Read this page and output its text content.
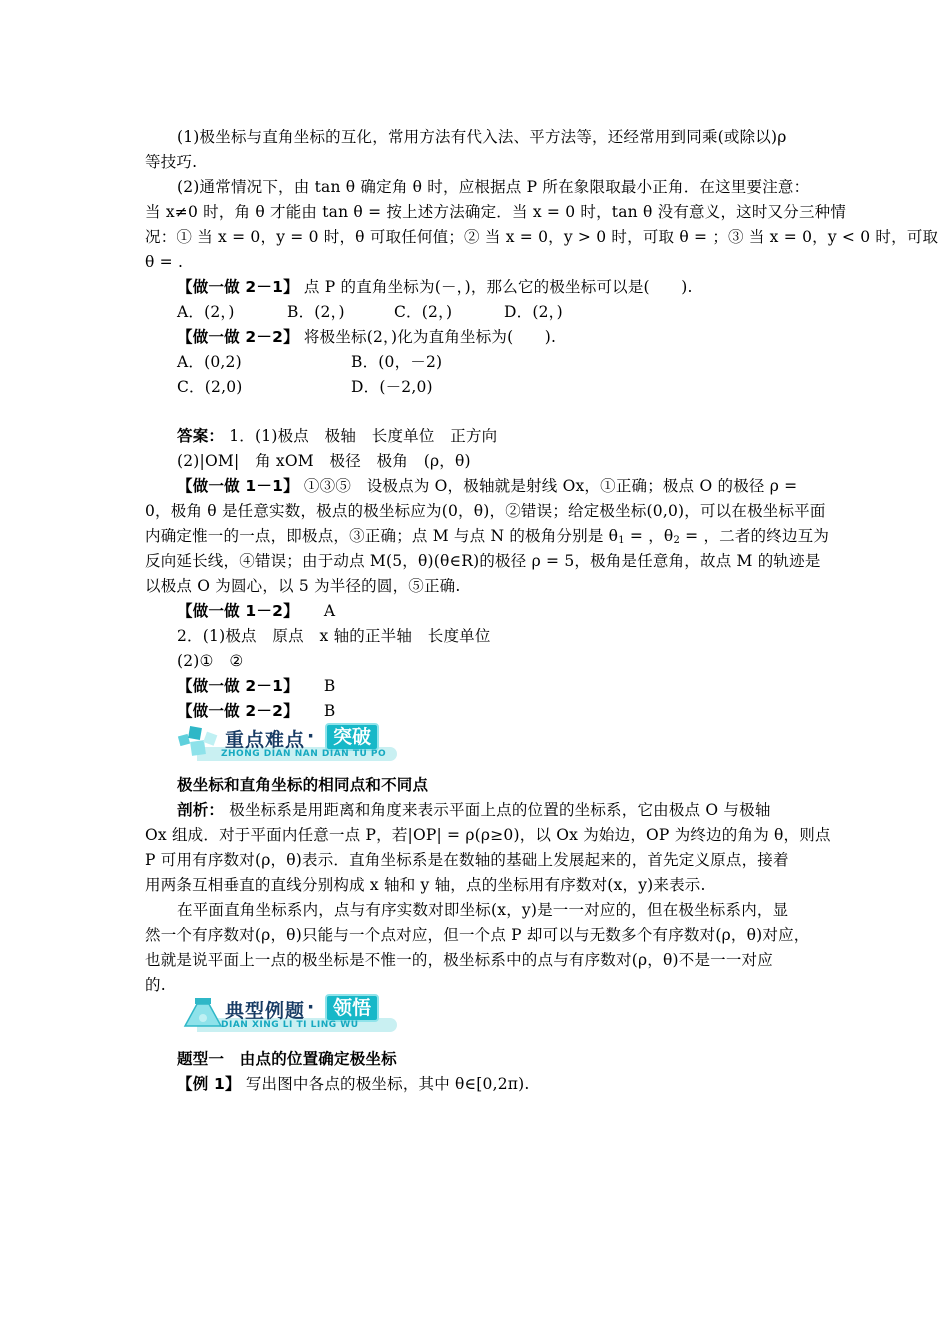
(1)极坐标与直角坐标的互化，常用方法有代入法、平方法等，还经常用到同乘(或除以)ρ
等技巧.
(2)通常情况下，由 tan θ 确定角 θ 时，应根据点 P 所在象限取最小正角．在这里要注意：
当 x≠0 时，角 θ 才能由 tan θ = 按上述方法确定．当 x = 0 时，tan θ 没有意义，这时又分三种情
况：① 当 x = 0，y = 0 时，θ 可取任何值；② 当 x = 0，y > 0 时，可取 θ = ；③ 当 x = 0，y < 0 时，可取
θ = .
【做一做 2－1】 点 P 的直角坐标为(－，)，那么它的极坐标可以是(　　).
A．(2，)	B．(2，)	C．(2，)	D．(2，)
【做一做 2－2】 将极坐标(2，)化为直角坐标为(　　).
A．(0,2)	B．(0，－2)
C．(2,0)	D．(－2,0)
答案： 1．(1)极点　极轴　长度单位　正方向
(2)|OM|　角 xOM　极径　极角　(ρ，θ)
【做一做 1－1】 ①③⑤　设极点为 O，极轴就是射线 Ox，①正确；极点 O 的极径 ρ =
0，极角 θ 是任意实数，极点的极坐标应为(0，θ)，②错误；给定极坐标(0,0)，可以在极坐标平面
内确定惟一的一点，即极点，③正确；点 M 与点 N 的极角分别是 $\theta_1$ = ，$\theta_2$ = ，二者的终边互为
反向延长线，④错误；由于动点 M(5，θ)(θ∈R)的极径 ρ = 5，极角是任意角，故点 M 的轨迹是
以极点 O 为圆心，以 5 为半径的圆，⑤正确.
【做一做 1－2】 A
2．(1)极点　原点　x 轴的正半轴　长度单位
(2)①　②
【做一做 2－1】 B
【做一做 2－2】 B
重点难点 · 突破
ZHONG DIAN NAN DIAN TU PO
极坐标和直角坐标的相同点和不同点
剖析： 极坐标系是用距离和角度来表示平面上点的位置的坐标系，它由极点 O 与极轴
Ox 组成．对于平面内任意一点 P，若|OP| = ρ(ρ≥0)，以 Ox 为始边，OP 为终边的角为 θ，则点
P 可用有序数对(ρ，θ)表示．直角坐标系是在数轴的基础上发展起来的，首先定义原点，接着
用两条互相垂直的直线分别构成 x 轴和 y 轴，点的坐标用有序数对(x，y)来表示.
在平面直角坐标系内，点与有序实数对即坐标(x，y)是一一对应的，但在极坐标系内，显
然一个有序数对(ρ，θ)只能与一个点对应，但一个点 P 却可以与无数多个有序数对(ρ，θ)对应，
也就是说平面上一点的极坐标是不惟一的，极坐标系中的点与有序数对(ρ，θ)不是一一对应
的.
典型例题 · 领悟
DIAN XING LI TI LING WU
题型一　由点的位置确定极坐标
【例 1】 写出图中各点的极坐标，其中 θ∈[0,2π).
